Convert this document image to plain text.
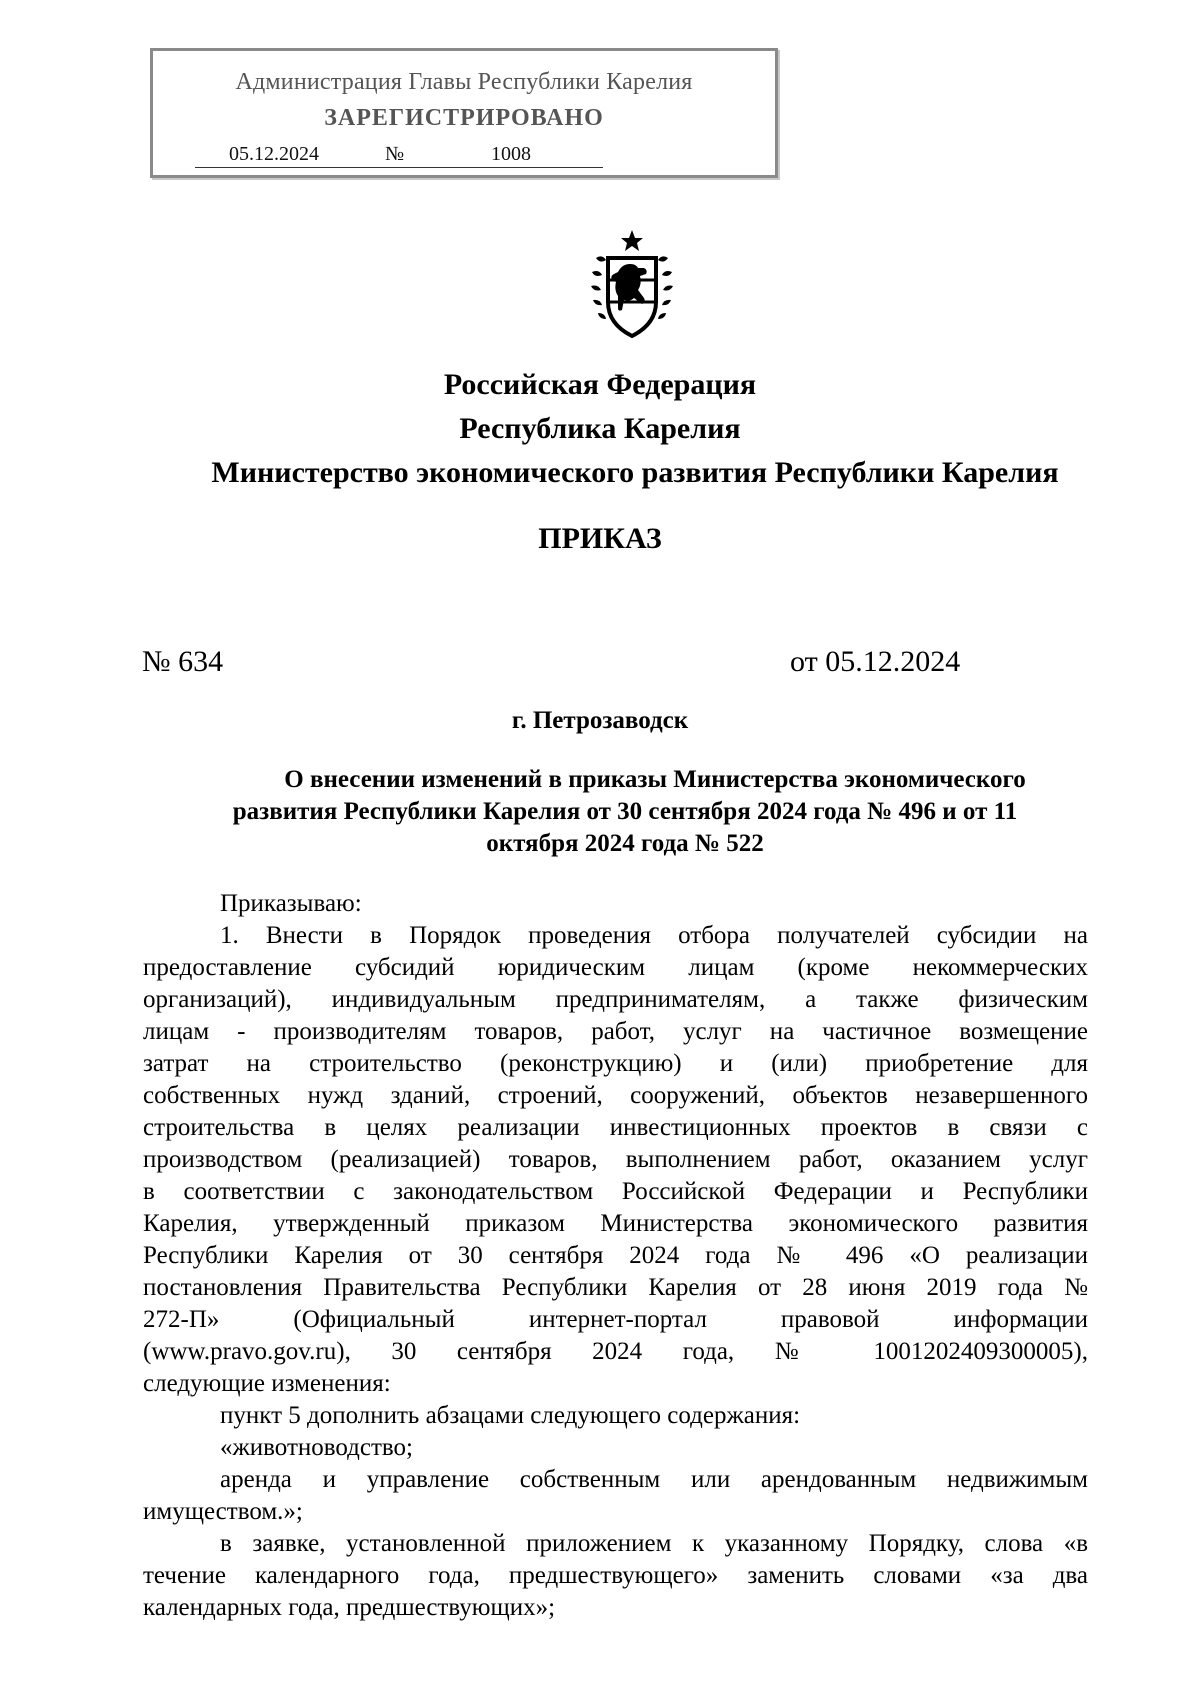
Администрация Главы Республики Карелия
ЗАРЕГИСТРИРОВАНО
05.12.2024	№	1008
Российская Федерация
Республика Карелия
Министерство экономического развития Республики Карелия
ПРИКАЗ
№ 634	от 05.12.2024
г. Петрозаводск
О внесении изменений в приказы Министерства экономического
развития Республики Карелия от 30 сентября 2024 года № 496 и от 11
октября 2024 года № 522
Приказываю:
1. Внести в Порядок проведения отбора получателей субсидии на
предоставление субсидий юридическим лицам (кроме некоммерческих
организаций), индивидуальным предпринимателям, а также физическим
лицам - производителям товаров, работ, услуг на частичное возмещение
затрат на строительство (реконструкцию) и (или) приобретение для
собственных нужд зданий, строений, сооружений, объектов незавершенного
строительства в целях реализации инвестиционных проектов в связи с
производством (реализацией) товаров, выполнением работ, оказанием услуг
в соответствии с законодательством Российской Федерации и Республики
Карелия, утвержденный приказом Министерства экономического развития
Республики Карелия от 30 сентября 2024 года № 496 «О реализации
постановления Правительства Республики Карелия от 28 июня 2019 года №
272-П» (Официальный интернет-портал правовой информации
(www.pravo.gov.ru), 30 сентября 2024 года, № 1001202409300005),
следующие изменения:
пункт 5 дополнить абзацами следующего содержания:
«животноводство;
аренда и управление собственным или арендованным недвижимым
имуществом.»;
в заявке, установленной приложением к указанному Порядку, слова «в
течение календарного года, предшествующего» заменить словами «за два
календарных года, предшествующих»;
